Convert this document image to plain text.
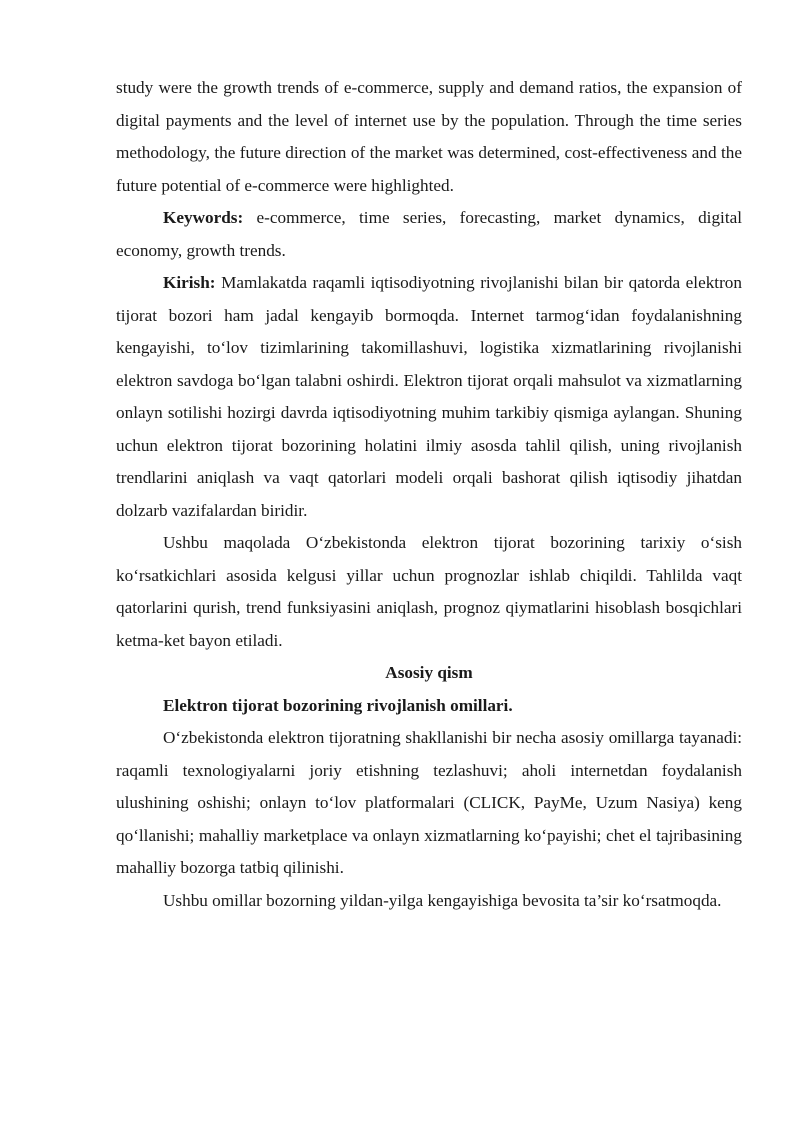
study were the growth trends of e-commerce, supply and demand ratios, the expansion of digital payments and the level of internet use by the population. Through the time series methodology, the future direction of the market was determined, cost-effectiveness and the future potential of e-commerce were highlighted.

Keywords: e-commerce, time series, forecasting, market dynamics, digital economy, growth trends.

Kirish: Mamlakatda raqamli iqtisodiyotning rivojlanishi bilan bir qatorda elektron tijorat bozori ham jadal kengayib bormoqda. Internet tarmog‘idan foydalanishning kengayishi, to‘lov tizimlarining takomillashuvi, logistika xizmatlarining rivojlanishi elektron savdoga bo‘lgan talabni oshirdi. Elektron tijorat orqali mahsulot va xizmatlarning onlayn sotilishi hozirgi davrda iqtisodiyotning muhim tarkibiy qismiga aylangan. Shuning uchun elektron tijorat bozorining holatini ilmiy asosda tahlil qilish, uning rivojlanish trendlarini aniqlash va vaqt qatorlari modeli orqali bashorat qilish iqtisodiy jihatdan dolzarb vazifalardan biridir.

Ushbu maqolada O‘zbekistonda elektron tijorat bozorining tarixiy o‘sish ko‘rsatkichlari asosida kelgusi yillar uchun prognozlar ishlab chiqildi. Tahlilda vaqt qatorlarini qurish, trend funksiyasini aniqlash, prognoz qiymatlarini hisoblash bosqichlari ketma-ket bayon etiladi.

Asosiy qism

Elektron tijorat bozorining rivojlanish omillari.

O‘zbekistonda elektron tijoratning shakllanishi bir necha asosiy omillarga tayanadi: raqamli texnologiyalarni joriy etishning tezlashuvi; aholi internetdan foydalanish ulushining oshishi; onlayn to‘lov platformalari (CLICK, PayMe, Uzum Nasiya) keng qo‘llanishi; mahalliy marketplace va onlayn xizmatlarning ko‘payishi; chet el tajribasining mahalliy bozorga tatbiq qilinishi.

Ushbu omillar bozorning yildan-yilga kengayishiga bevosita ta’sir ko‘rsatmoqda.
